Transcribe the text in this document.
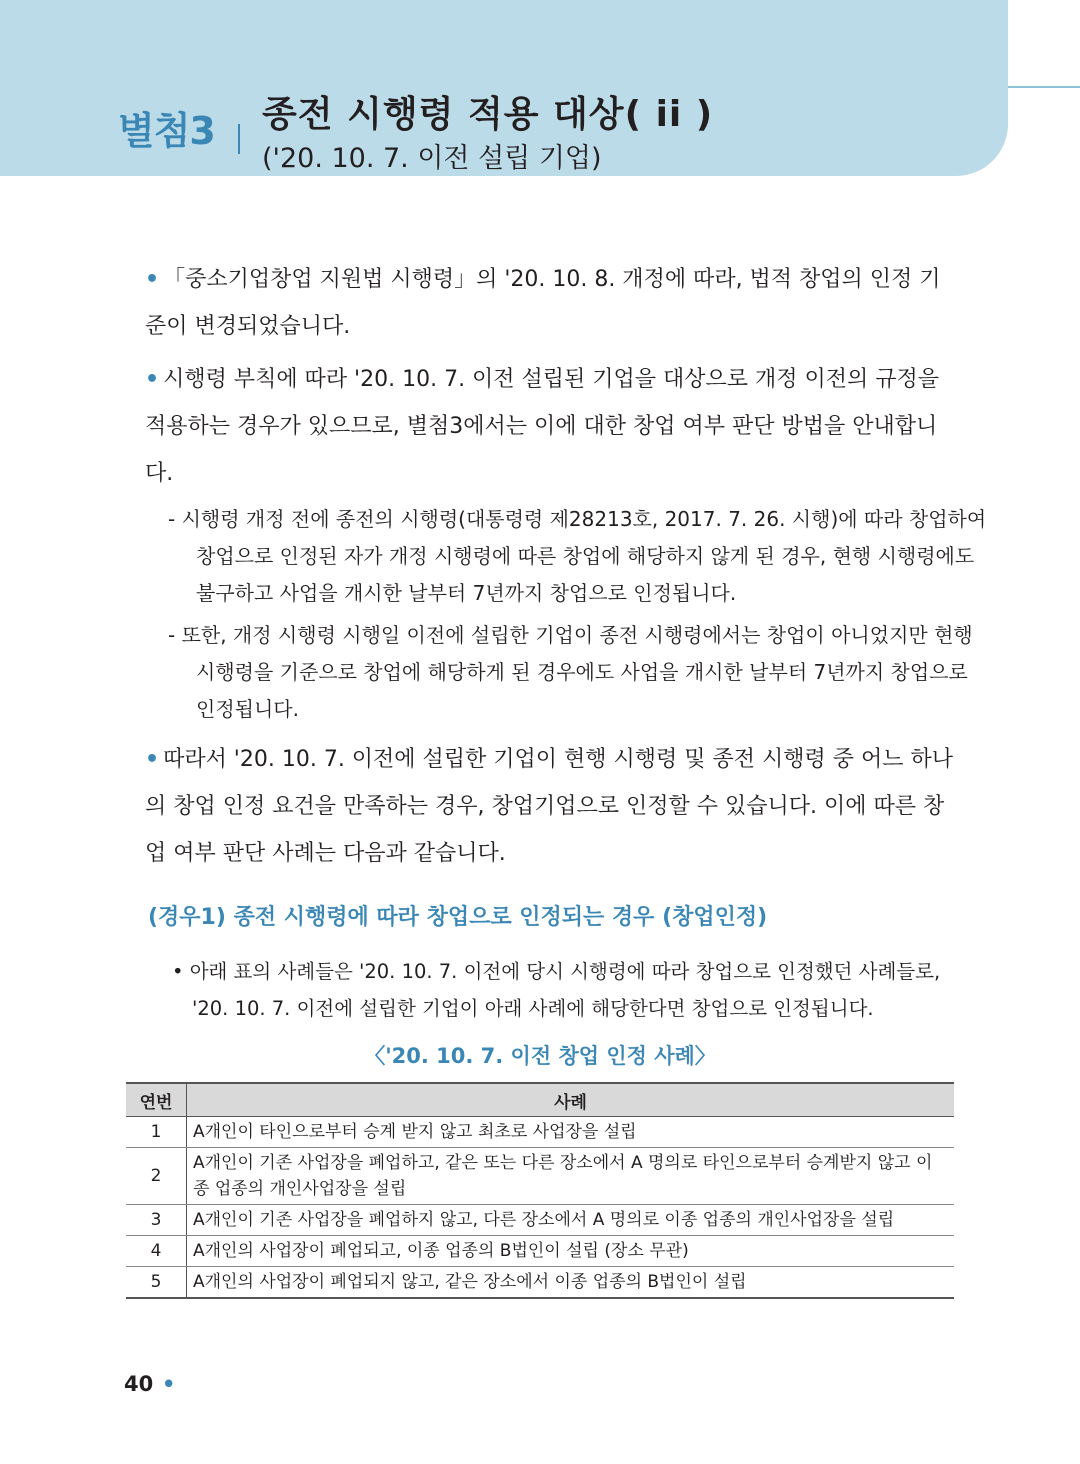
별첨3 종전 시행령 적용 대상( ii )
('20. 10. 7. 이전 설립 기업)
• 「중소기업창업 지원법 시행령」의 '20. 10. 8. 개정에 따라, 법적 창업의 인정 기준이 변경되었습니다.
• 시행령 부칙에 따라 '20. 10. 7. 이전 설립된 기업을 대상으로 개정 이전의 규정을 적용하는 경우가 있으므로, 별첨3에서는 이에 대한 창업 여부 판단 방법을 안내합니다.
- 시행령 개정 전에 종전의 시행령(대통령령 제28213호, 2017. 7. 26. 시행)에 따라 창업하여 창업으로 인정된 자가 개정 시행령에 따른 창업에 해당하지 않게 된 경우, 현행 시행령에도 불구하고 사업을 개시한 날부터 7년까지 창업으로 인정됩니다.
- 또한, 개정 시행령 시행일 이전에 설립한 기업이 종전 시행령에서는 창업이 아니었지만 현행 시행령을 기준으로 창업에 해당하게 된 경우에도 사업을 개시한 날부터 7년까지 창업으로 인정됩니다.
• 따라서 '20. 10. 7. 이전에 설립한 기업이 현행 시행령 및 종전 시행령 중 어느 하나의 창업 인정 요건을 만족하는 경우, 창업기업으로 인정할 수 있습니다. 이에 따른 창업 여부 판단 사례는 다음과 같습니다.
(경우1) 종전 시행령에 따라 창업으로 인정되는 경우 (창업인정)
• 아래 표의 사례들은 '20. 10. 7. 이전에 당시 시행령에 따라 창업으로 인정했던 사례들로, '20. 10. 7. 이전에 설립한 기업이 아래 사례에 해당한다면 창업으로 인정됩니다.
〈'20. 10. 7. 이전 창업 인정 사례〉
연번	사례
1	A개인이 타인으로부터 승계 받지 않고 최초로 사업장을 설립
2	A개인이 기존 사업장을 폐업하고, 같은 또는 다른 장소에서 A 명의로 타인으로부터 승계받지 않고 이종 업종의 개인사업장을 설립
3	A개인이 기존 사업장을 폐업하지 않고, 다른 장소에서 A 명의로 이종 업종의 개인사업장을 설립
4	A개인의 사업장이 폐업되고, 이종 업종의 B법인이 설립 (장소 무관)
5	A개인의 사업장이 폐업되지 않고, 같은 장소에서 이종 업종의 B법인이 설립
40 •
